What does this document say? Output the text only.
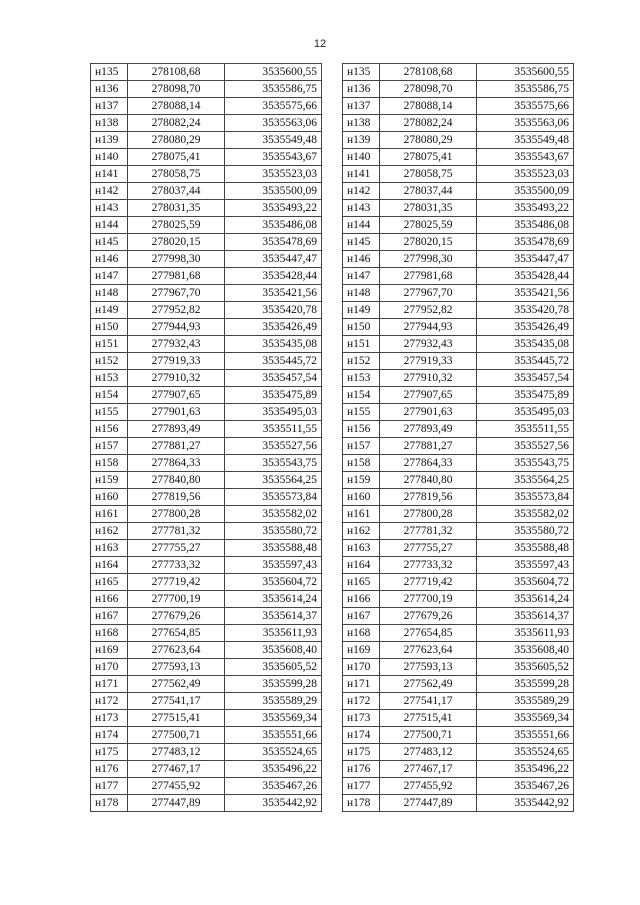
12
н135	278108,68	3535600,55
н136	278098,70	3535586,75
н137	278088,14	3535575,66
н138	278082,24	3535563,06
н139	278080,29	3535549,48
н140	278075,41	3535543,67
н141	278058,75	3535523,03
н142	278037,44	3535500,09
н143	278031,35	3535493,22
н144	278025,59	3535486,08
н145	278020,15	3535478,69
н146	277998,30	3535447,47
н147	277981,68	3535428,44
н148	277967,70	3535421,56
н149	277952,82	3535420,78
н150	277944,93	3535426,49
н151	277932,43	3535435,08
н152	277919,33	3535445,72
н153	277910,32	3535457,54
н154	277907,65	3535475,89
н155	277901,63	3535495,03
н156	277893,49	3535511,55
н157	277881,27	3535527,56
н158	277864,33	3535543,75
н159	277840,80	3535564,25
н160	277819,56	3535573,84
н161	277800,28	3535582,02
н162	277781,32	3535580,72
н163	277755,27	3535588,48
н164	277733,32	3535597,43
н165	277719,42	3535604,72
н166	277700,19	3535614,24
н167	277679,26	3535614,37
н168	277654,85	3535611,93
н169	277623,64	3535608,40
н170	277593,13	3535605,52
н171	277562,49	3535599,28
н172	277541,17	3535589,29
н173	277515,41	3535569,34
н174	277500,71	3535551,66
н175	277483,12	3535524,65
н176	277467,17	3535496,22
н177	277455,92	3535467,26
н178	277447,89	3535442,92
н135	278108,68	3535600,55
н136	278098,70	3535586,75
н137	278088,14	3535575,66
н138	278082,24	3535563,06
н139	278080,29	3535549,48
н140	278075,41	3535543,67
н141	278058,75	3535523,03
н142	278037,44	3535500,09
н143	278031,35	3535493,22
н144	278025,59	3535486,08
н145	278020,15	3535478,69
н146	277998,30	3535447,47
н147	277981,68	3535428,44
н148	277967,70	3535421,56
н149	277952,82	3535420,78
н150	277944,93	3535426,49
н151	277932,43	3535435,08
н152	277919,33	3535445,72
н153	277910,32	3535457,54
н154	277907,65	3535475,89
н155	277901,63	3535495,03
н156	277893,49	3535511,55
н157	277881,27	3535527,56
н158	277864,33	3535543,75
н159	277840,80	3535564,25
н160	277819,56	3535573,84
н161	277800,28	3535582,02
н162	277781,32	3535580,72
н163	277755,27	3535588,48
н164	277733,32	3535597,43
н165	277719,42	3535604,72
н166	277700,19	3535614,24
н167	277679,26	3535614,37
н168	277654,85	3535611,93
н169	277623,64	3535608,40
н170	277593,13	3535605,52
н171	277562,49	3535599,28
н172	277541,17	3535589,29
н173	277515,41	3535569,34
н174	277500,71	3535551,66
н175	277483,12	3535524,65
н176	277467,17	3535496,22
н177	277455,92	3535467,26
н178	277447,89	3535442,92
